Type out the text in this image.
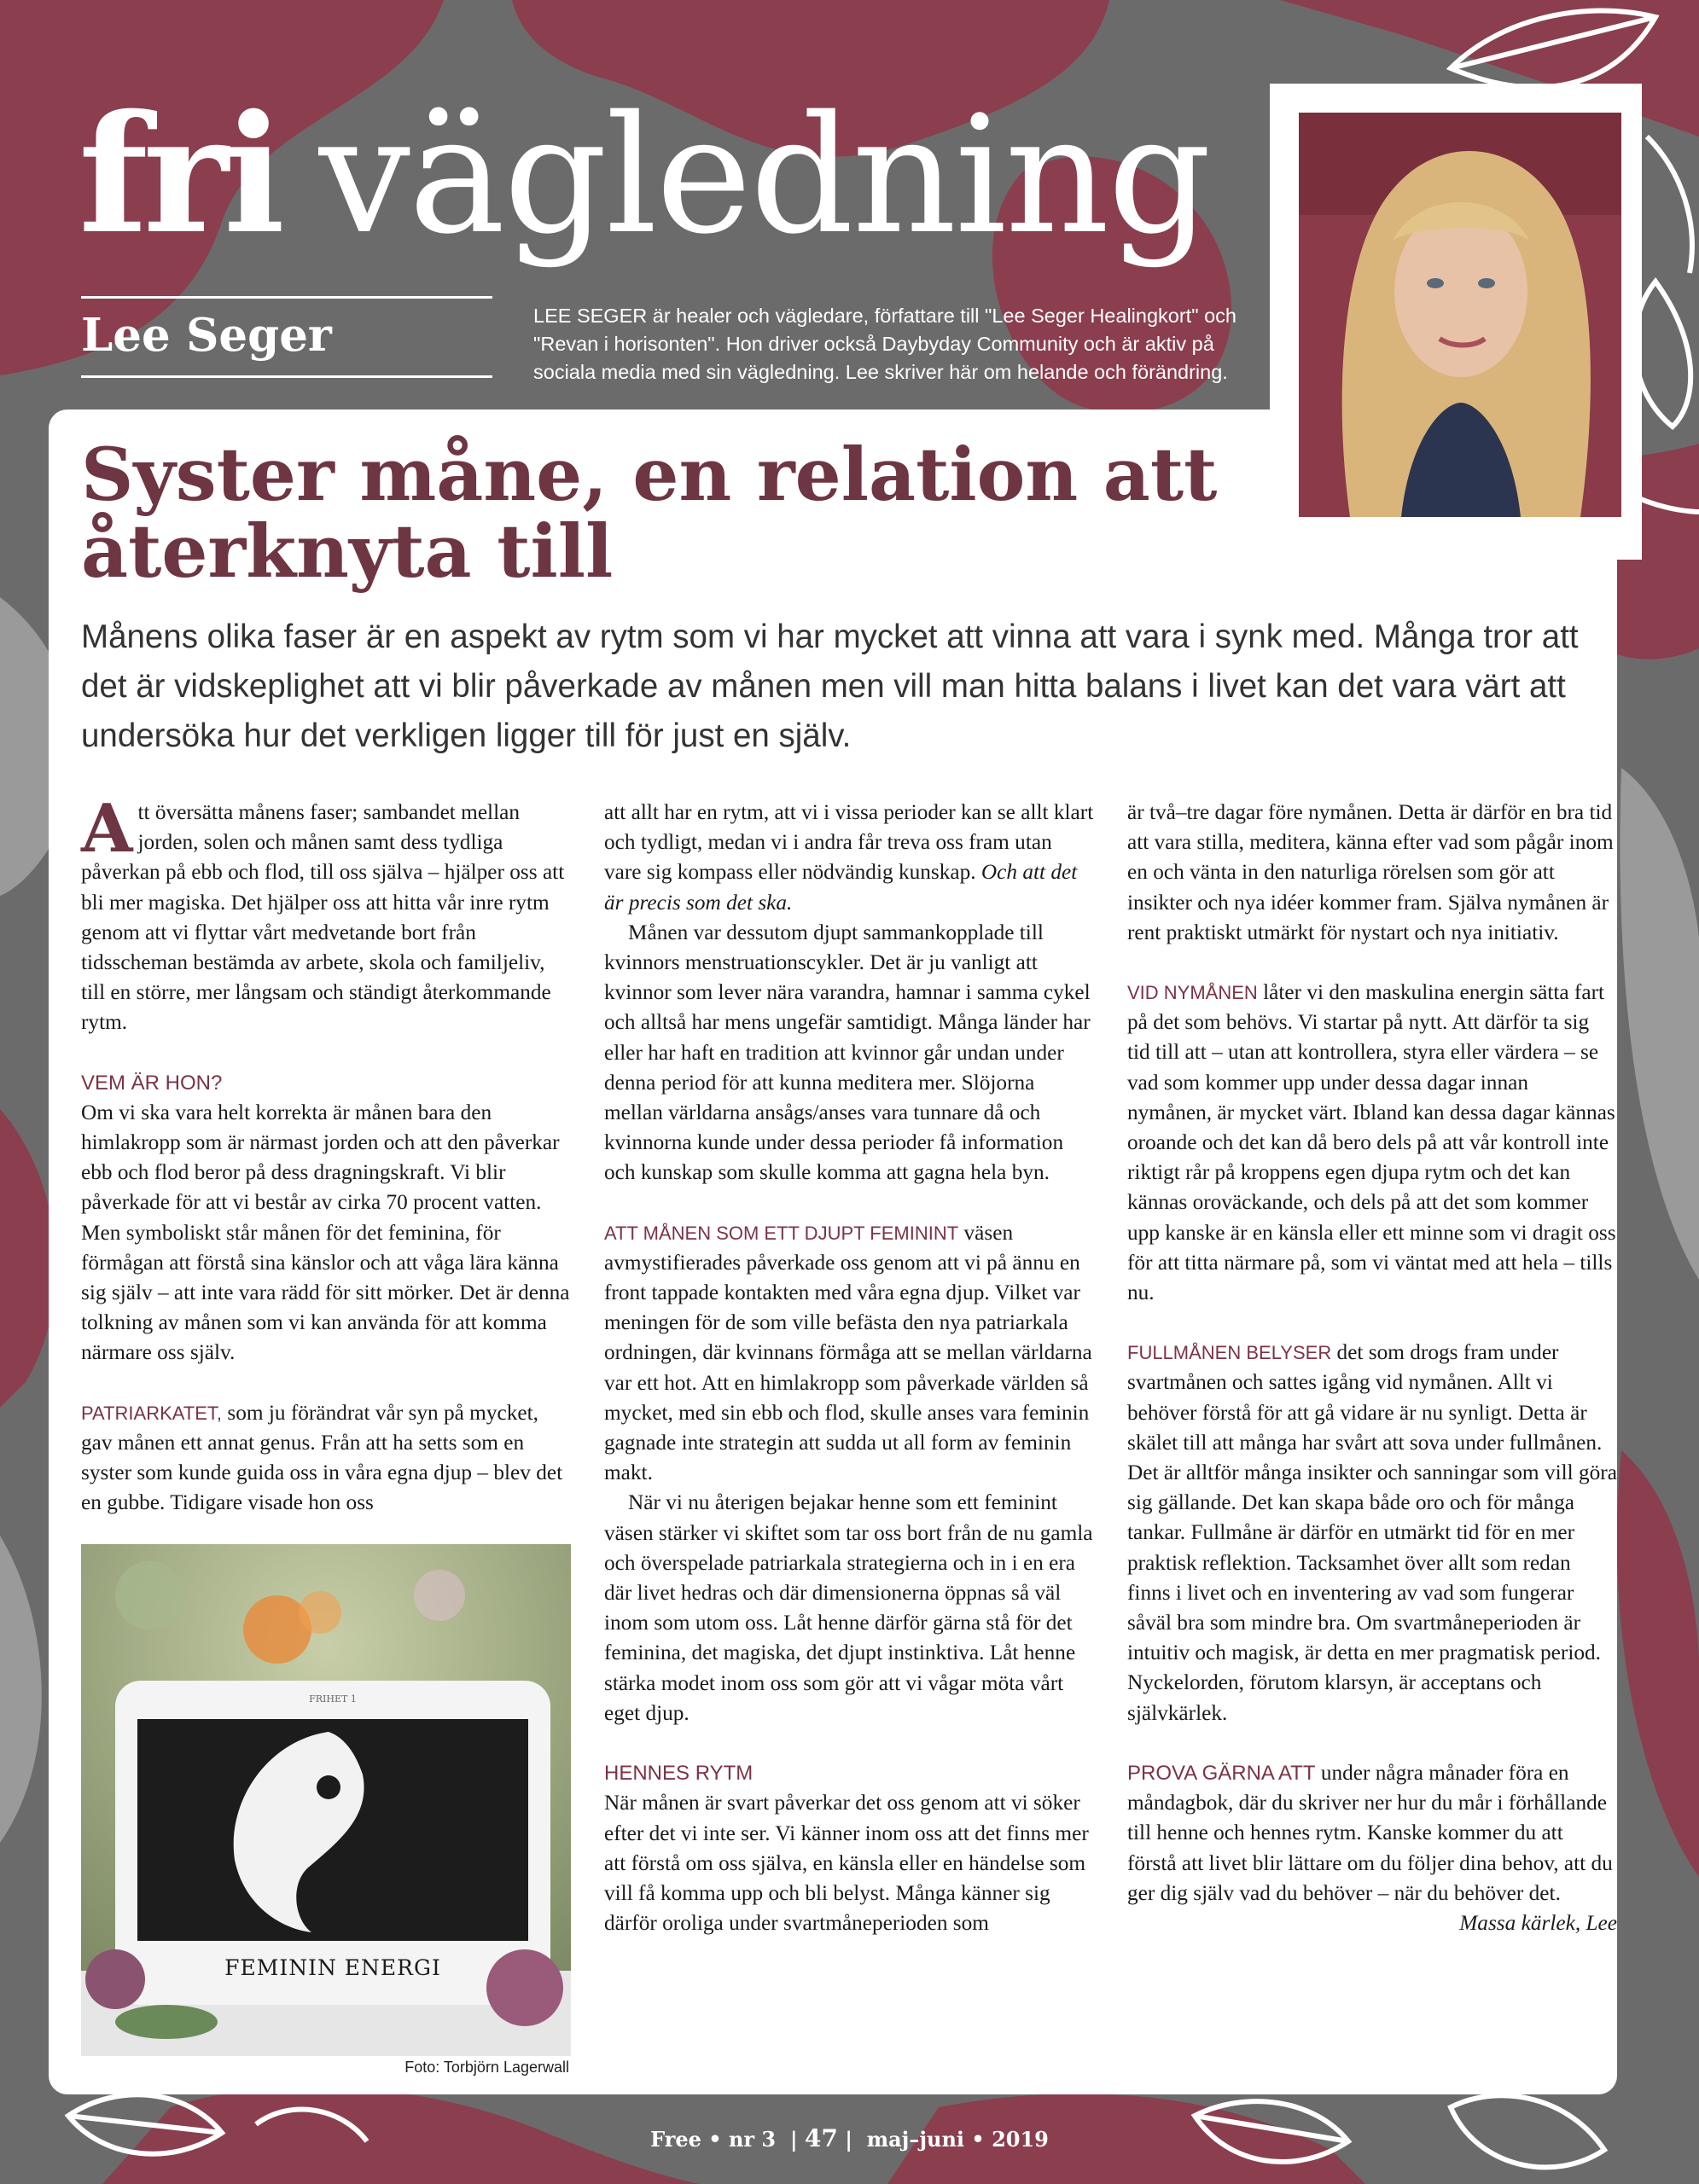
fri vägledning
Lee Seger	LEE SEGER är healer och vägledare, författare till "Lee Seger Healingkort" och "Revan i horisonten". Hon driver också Daybyday Community och är aktiv på sociala media med sin vägledning. Lee skriver här om helande och förändring.
Syster måne, en relation att återknyta till

Månens olika faser är en aspekt av rytm som vi har mycket att vinna att vara i synk med. Många tror att det är vidskeplighet att vi blir påverkade av månen men vill man hitta balans i livet kan det vara värt att undersöka hur det verkligen ligger till för just en själv.

Att översätta månens faser; sambandet mellan jorden, solen och månen samt dess tydliga påverkan på ebb och flod, till oss själva – hjälper oss att bli mer magiska. Det hjälper oss att hitta vår inre rytm genom att vi flyttar vårt medvetande bort från tidsscheman bestämda av arbete, skola och familjeliv, till en större, mer långsam och ständigt återkommande rytm.

VEM ÄR HON?

Om vi ska vara helt korrekta är månen bara den himlakropp som är närmast jorden och att den påverkar ebb och flod beror på dess dragningskraft. Vi blir påverkade för att vi består av cirka 70 procent vatten. Men symboliskt står månen för det feminina, för förmågan att förstå sina känslor och att våga lära känna sig själv – att inte vara rädd för sitt mörker. Det är denna tolkning av månen som vi kan använda för att komma närmare oss själv.

PATRIARKATET, som ju förändrat vår syn på mycket, gav månen ett annat genus. Från att ha setts som en syster som kunde guida oss in våra egna djup – blev det en gubbe. Tidigare visade hon oss

FRIHET 1
FEMININ ENERGI
Foto: Torbjörn Lagerwall

att allt har en rytm, att vi i vissa perioder kan se allt klart och tydligt, medan vi i andra får treva oss fram utan vare sig kompass eller nödvändig kunskap. Och att det är precis som det ska.

Månen var dessutom djupt sammankopplade till kvinnors menstruationscykler. Det är ju vanligt att kvinnor som lever nära varandra, hamnar i samma cykel och alltså har mens ungefär samtidigt. Många länder har eller har haft en tradition att kvinnor går undan under denna period för att kunna meditera mer. Slöjorna mellan världarna ansågs/anses vara tunnare då och kvinnorna kunde under dessa perioder få information och kunskap som skulle komma att gagna hela byn.

ATT MÅNEN SOM ETT DJUPT FEMININT väsen avmystifierades påverkade oss genom att vi på ännu en front tappade kontakten med våra egna djup. Vilket var meningen för de som ville befästa den nya patriarkala ordningen, där kvinnans förmåga att se mellan världarna var ett hot. Att en himlakropp som påverkade världen så mycket, med sin ebb och flod, skulle anses vara feminin gagnade inte strategin att sudda ut all form av feminin makt.

När vi nu återigen bejakar henne som ett feminint väsen stärker vi skiftet som tar oss bort från de nu gamla och överspelade patriarkala strategierna och in i en era där livet hedras och där dimensionerna öppnas så väl inom som utom oss. Låt henne därför gärna stå för det feminina, det magiska, det djupt instinktiva. Låt henne stärka modet inom oss som gör att vi vågar möta vårt eget djup.

HENNES RYTM

När månen är svart påverkar det oss genom att vi söker efter det vi inte ser. Vi känner inom oss att det finns mer att förstå om oss själva, en känsla eller en händelse som vill få komma upp och bli belyst. Många känner sig därför oroliga under svartmåneperioden som

är två–tre dagar före nymånen. Detta är därför en bra tid att vara stilla, meditera, känna efter vad som pågår inom en och vänta in den naturliga rörelsen som gör att insikter och nya idéer kommer fram. Själva nymånen är rent praktiskt utmärkt för nystart och nya initiativ.

VID NYMÅNEN låter vi den maskulina energin sätta fart på det som behövs. Vi startar på nytt. Att därför ta sig tid till att – utan att kontrollera, styra eller värdera – se vad som kommer upp under dessa dagar innan nymånen, är mycket värt. Ibland kan dessa dagar kännas oroande och det kan då bero dels på att vår kontroll inte riktigt rår på kroppens egen djupa rytm och det kan kännas oroväckande, och dels på att det som kommer upp kanske är en känsla eller ett minne som vi dragit oss för att titta närmare på, som vi väntat med att hela – tills nu.

FULLMÅNEN BELYSER det som drogs fram under svartmånen och sattes igång vid nymånen. Allt vi behöver förstå för att gå vidare är nu synligt. Detta är skälet till att många har svårt att sova under fullmånen. Det är alltför många insikter och sanningar som vill göra sig gällande. Det kan skapa både oro och för många tankar. Fullmåne är därför en utmärkt tid för en mer praktisk reflektion. Tacksamhet över allt som redan finns i livet och en inventering av vad som fungerar såväl bra som mindre bra. Om svartmåneperioden är intuitiv och magisk, är detta en mer pragmatisk period. Nyckelorden, förutom klarsyn, är acceptans och självkärlek.

PROVA GÄRNA ATT under några månader föra en måndagbok, där du skriver ner hur du mår i förhållande till henne och hennes rytm. Kanske kommer du att förstå att livet blir lättare om du följer dina behov, att du ger dig själv vad du behöver – när du behöver det.

Massa kärlek, Lee

Free • nr 3  | 47 |  maj–juni • 2019
